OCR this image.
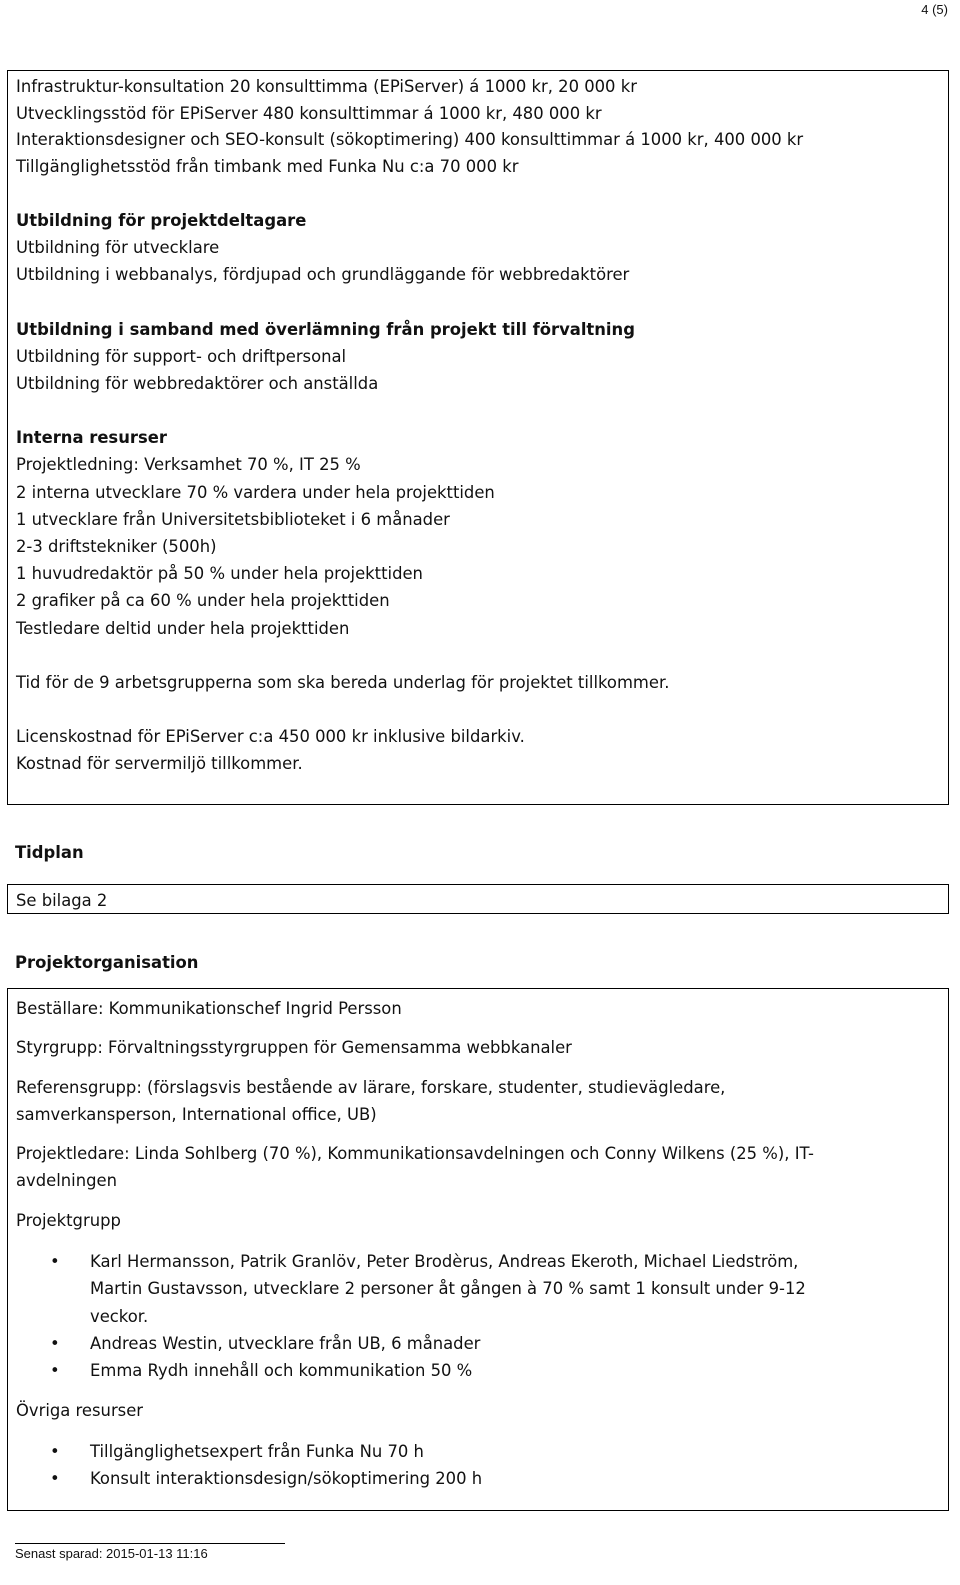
4 (5)
Infrastruktur-konsultation 20 konsulttimma (EPiServer) á 1000 kr, 20 000 kr
Utvecklingsstöd för EPiServer 480 konsulttimmar á 1000 kr, 480 000 kr
Interaktionsdesigner och SEO-konsult (sökoptimering) 400 konsulttimmar á 1000 kr, 400 000 kr
Tillgänglighetsstöd från timbank med Funka Nu c:a 70 000 kr
Utbildning för projektdeltagare
Utbildning för utvecklare
Utbildning i webbanalys, fördjupad och grundläggande för webbredaktörer
Utbildning i samband med överlämning från projekt till förvaltning
Utbildning för support- och driftpersonal
Utbildning för webbredaktörer och anställda
Interna resurser
Projektledning: Verksamhet 70 %, IT 25 %
2 interna utvecklare 70 % vardera under hela projekttiden
1 utvecklare från Universitetsbiblioteket i 6 månader
2-3 driftstekniker (500h)
1 huvudredaktör på 50 % under hela projekttiden
2 grafiker på ca 60 % under hela projekttiden
Testledare deltid under hela projekttiden
Tid för de 9 arbetsgrupperna som ska bereda underlag för projektet tillkommer.
Licenskostnad för EPiServer c:a 450 000 kr inklusive bildarkiv.
Kostnad för servermiljö tillkommer.
Tidplan
Se bilaga 2
Projektorganisation
Beställare: Kommunikationschef Ingrid Persson
Styrgrupp: Förvaltningsstyrgruppen för Gemensamma webbkanaler
Referensgrupp: (förslagsvis bestående av lärare, forskare, studenter, studievägledare,
samverkansperson, International office, UB)
Projektledare: Linda Sohlberg (70 %), Kommunikationsavdelningen och Conny Wilkens (25 %), IT-
avdelningen
Projektgrupp
• Karl Hermansson, Patrik Granlöv, Peter Brodèrus, Andreas Ekeroth, Michael Liedström,
Martin Gustavsson, utvecklare 2 personer åt gången à 70 % samt 1 konsult under 9-12
veckor.
• Andreas Westin, utvecklare från UB, 6 månader
• Emma Rydh innehåll och kommunikation 50 %
Övriga resurser
• Tillgänglighetsexpert från Funka Nu 70 h
• Konsult interaktionsdesign/sökoptimering 200 h
Senast sparad: 2015-01-13 11:16
